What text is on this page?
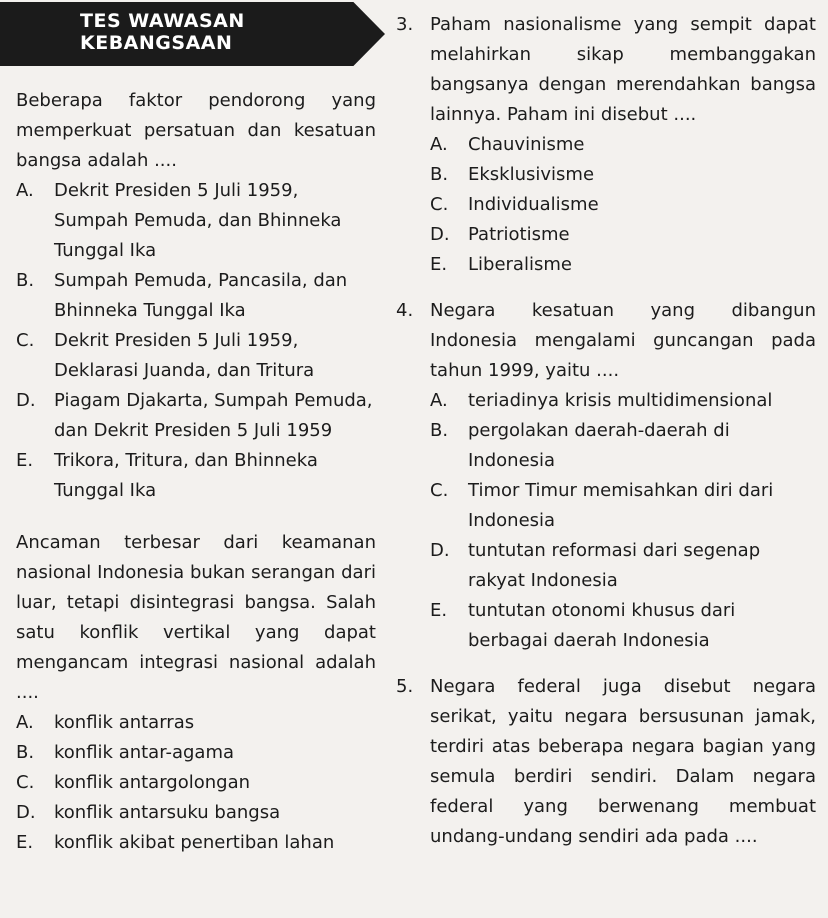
TES WAWASAN KEBANGSAAN
Beberapa faktor pendorong yang memperkuat persatuan dan kesatuan bangsa adalah ....
A.	Dekrit Presiden 5 Juli 1959, Sumpah Pemuda, dan Bhinneka Tunggal Ika
B.	Sumpah Pemuda, Pancasila, dan Bhinneka Tunggal Ika
C.	Dekrit Presiden 5 Juli 1959, Deklarasi Juanda, dan Tritura
D.	Piagam Djakarta, Sumpah Pemuda, dan Dekrit Presiden 5 Juli 1959
E.	Trikora, Tritura, dan Bhinneka Tunggal Ika
Ancaman terbesar dari keamanan nasional Indonesia bukan serangan dari luar, tetapi disintegrasi bangsa. Salah satu konflik vertikal yang dapat mengancam integrasi nasional adalah ....
A.	konflik antarras
B.	konflik antar-agama
C.	konflik antargolongan
D.	konflik antarsuku bangsa
E.	konflik akibat penertiban lahan
3. Paham nasionalisme yang sempit dapat melahirkan sikap membanggakan bangsanya dengan merendahkan bangsa lainnya. Paham ini disebut ....
A.	Chauvinisme
B.	Eksklusivisme
C.	Individualisme
D.	Patriotisme
E.	Liberalisme
4. Negara kesatuan yang dibangun Indonesia mengalami guncangan pada tahun 1999, yaitu ....
A.	teriadinya krisis multidimensional
B.	pergolakan daerah-daerah di Indonesia
C.	Timor Timur memisahkan diri dari Indonesia
D.	tuntutan reformasi dari segenap rakyat Indonesia
E.	tuntutan otonomi khusus dari berbagai daerah Indonesia
5. Negara federal juga disebut negara serikat, yaitu negara bersusunan jamak, terdiri atas beberapa negara bagian yang semula berdiri sendiri. Dalam negara federal yang berwenang membuat undang-undang sendiri ada pada ....
